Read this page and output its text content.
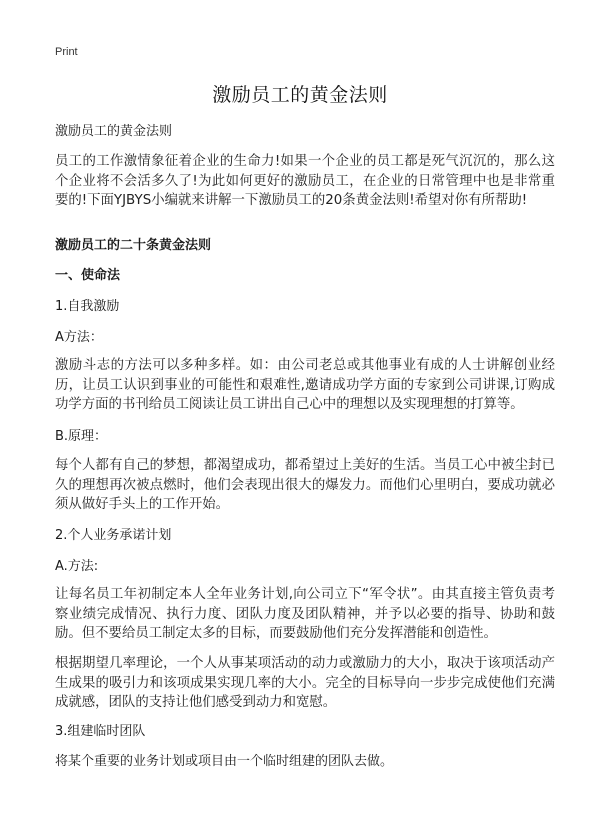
Print
激励员工的黄金法则

激励员工的黄金法则

员工的工作激情象征着企业的生命力!如果一个企业的员工都是死气沉沉的，那么这个企业将不会活多久了!为此如何更好的激励员工，在企业的日常管理中也是非常重要的!下面YJBYS小编就来讲解一下激励员工的20条黄金法则!希望对你有所帮助!

激励员工的二十条黄金法则

一、使命法

1.自我激励

A方法：

激励斗志的方法可以多种多样。如：由公司老总或其他事业有成的人士讲解创业经历，让员工认识到事业的可能性和艰难性,邀请成功学方面的专家到公司讲课,订购成功学方面的书刊给员工阅读让员工讲出自己心中的理想以及实现理想的打算等。

B.原理：

每个人都有自己的梦想，都渴望成功，都希望过上美好的生活。当员工心中被尘封已久的理想再次被点燃时，他们会表现出很大的爆发力。而他们心里明白，要成功就必须从做好手头上的工作开始。

2.个人业务承诺计划

A.方法:

让每名员工年初制定本人全年业务计划,向公司立下“军令状”。由其直接主管负责考察业绩完成情况、执行力度、团队力度及团队精神，并予以必要的指导、协助和鼓励。但不要给员工制定太多的目标，而要鼓励他们充分发挥潜能和创造性。

根据期望几率理论，一个人从事某项活动的动力或激励力的大小，取决于该项活动产生成果的吸引力和该项成果实现几率的大小。完全的目标导向一步步完成使他们充满成就感，团队的支持让他们感受到动力和宽慰。

3.组建临时团队

将某个重要的业务计划或项目由一个临时组建的团队去做。
